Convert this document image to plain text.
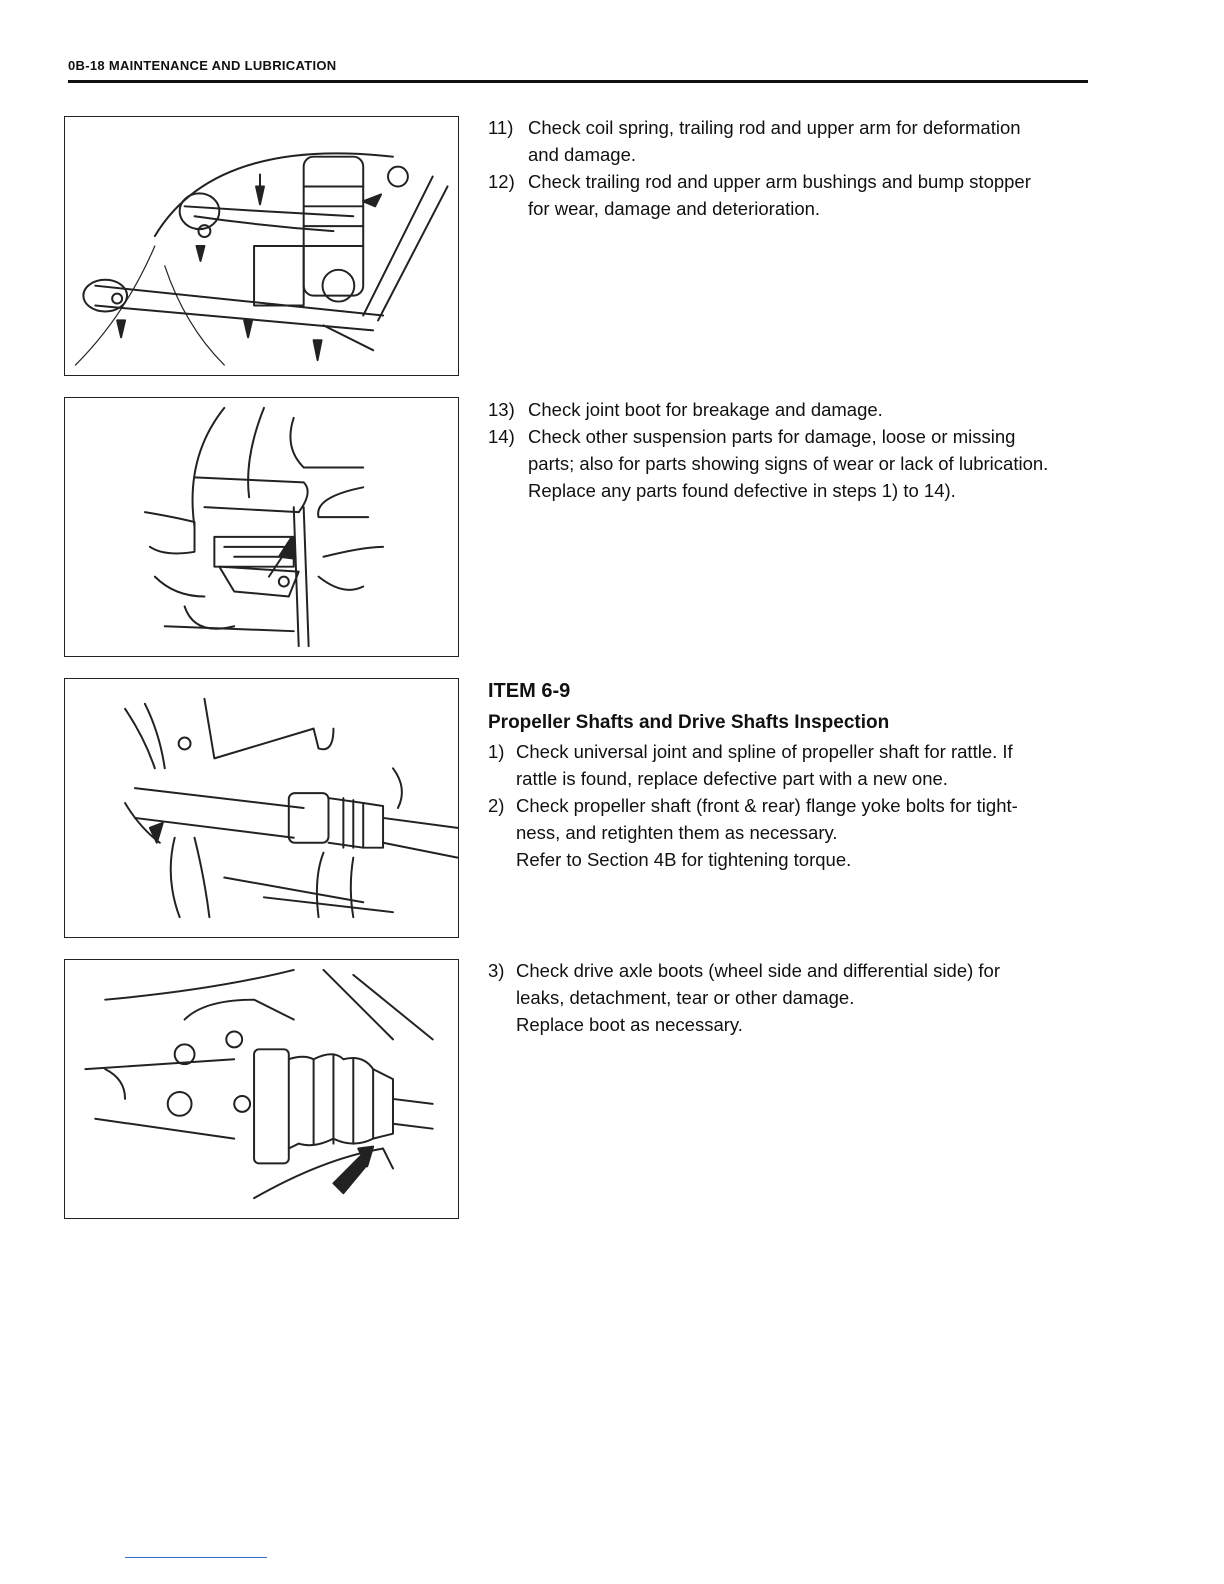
0B-18 MAINTENANCE AND LUBRICATION
11) Check coil spring, trailing rod and upper arm for deformation
and damage.
12) Check trailing rod and upper arm bushings and bump stopper
for wear, damage and deterioration.
13) Check joint boot for breakage and damage.
14) Check other suspension parts for damage, loose or missing
parts; also for parts showing signs of wear or lack of lubrication.
Replace any parts found defective in steps 1) to 14).
ITEM 6-9
Propeller Shafts and Drive Shafts Inspection
1) Check universal joint and spline of propeller shaft for rattle. If
rattle is found, replace defective part with a new one.
2) Check propeller shaft (front & rear) flange yoke bolts for tight-
ness, and retighten them as necessary.
Refer to Section 4B for tightening torque.
3) Check drive axle boots (wheel side and differential side) for
leaks, detachment, tear or other damage.
Replace boot as necessary.
